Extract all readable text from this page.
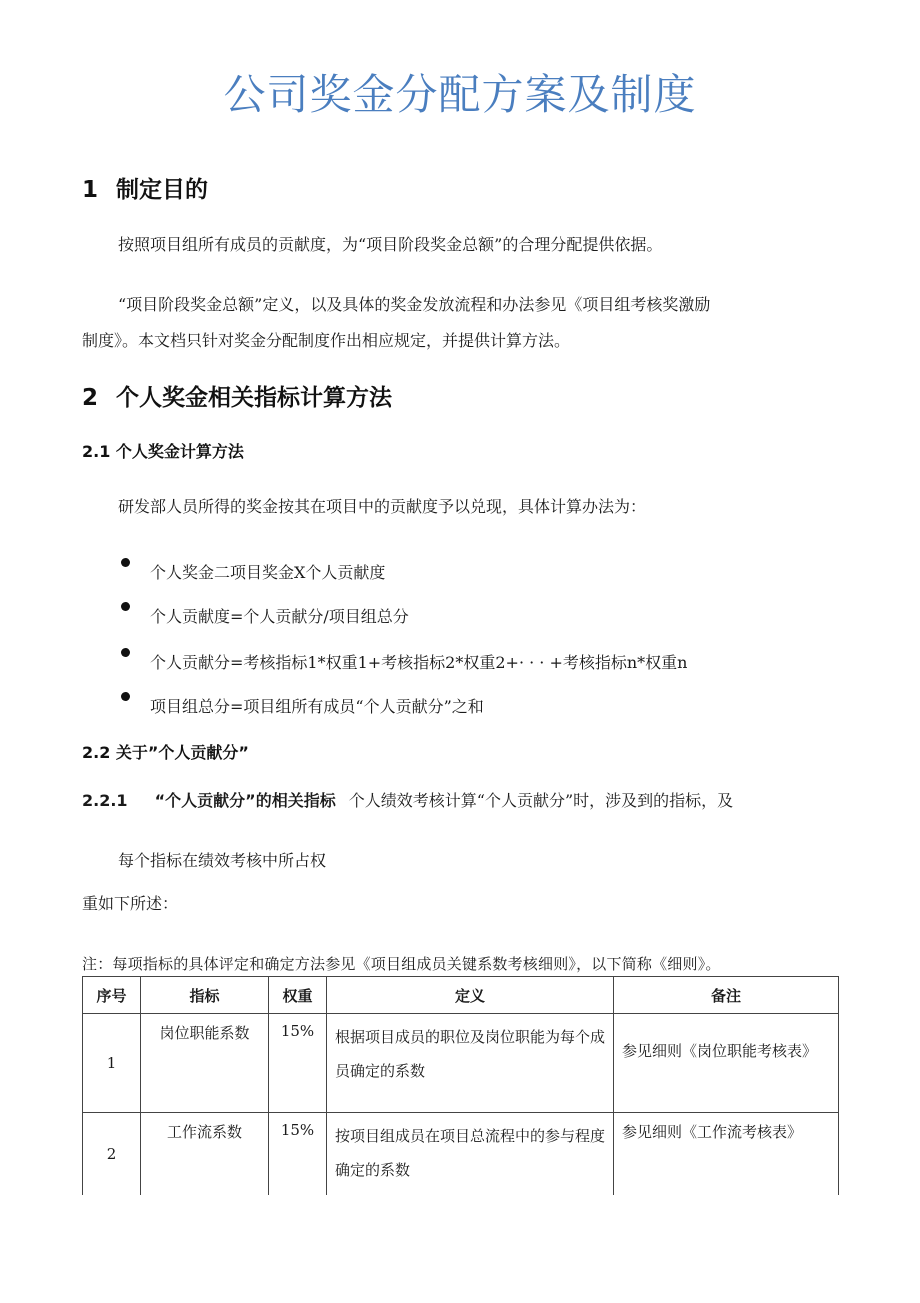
公司奖金分配方案及制度
1 制定目的
按照项目组所有成员的贡献度，为“项目阶段奖金总额”的合理分配提供依据。
“项目阶段奖金总额”定义，以及具体的奖金发放流程和办法参见《项目组考核奖激励
制度》。本文档只针对奖金分配制度作出相应规定，并提供计算方法。
2 个人奖金相关指标计算方法
2.1 个人奖金计算方法
研发部人员所得的奖金按其在项目中的贡献度予以兑现，具体计算办法为：
个人奖金二项目奖金X个人贡献度
个人贡献度=个人贡献分/项目组总分
个人贡献分=考核指标1*权重1+考核指标2*权重2+· · · +考核指标n*权重n
项目组总分=项目组所有成员“个人贡献分”之和
2.2 关于”个人贡献分”
2.2.1 “个人贡献分”的相关指标 个人绩效考核计算“个人贡献分”时，涉及到的指标，及
每个指标在绩效考核中所占权
重如下所述：
注：每项指标的具体评定和确定方法参见《项目组成员关键系数考核细则》，以下简称《细则》。
序号	指标	权重	定义	备注
1	岗位职能系数	15%	根据项目成员的职位及岗位职能为每个成员确定的系数	参见细则《岗位职能考核表》
2	工作流系数	15%	按项目组成员在项目总流程中的参与程度确定的系数	参见细则《工作流考核表》
